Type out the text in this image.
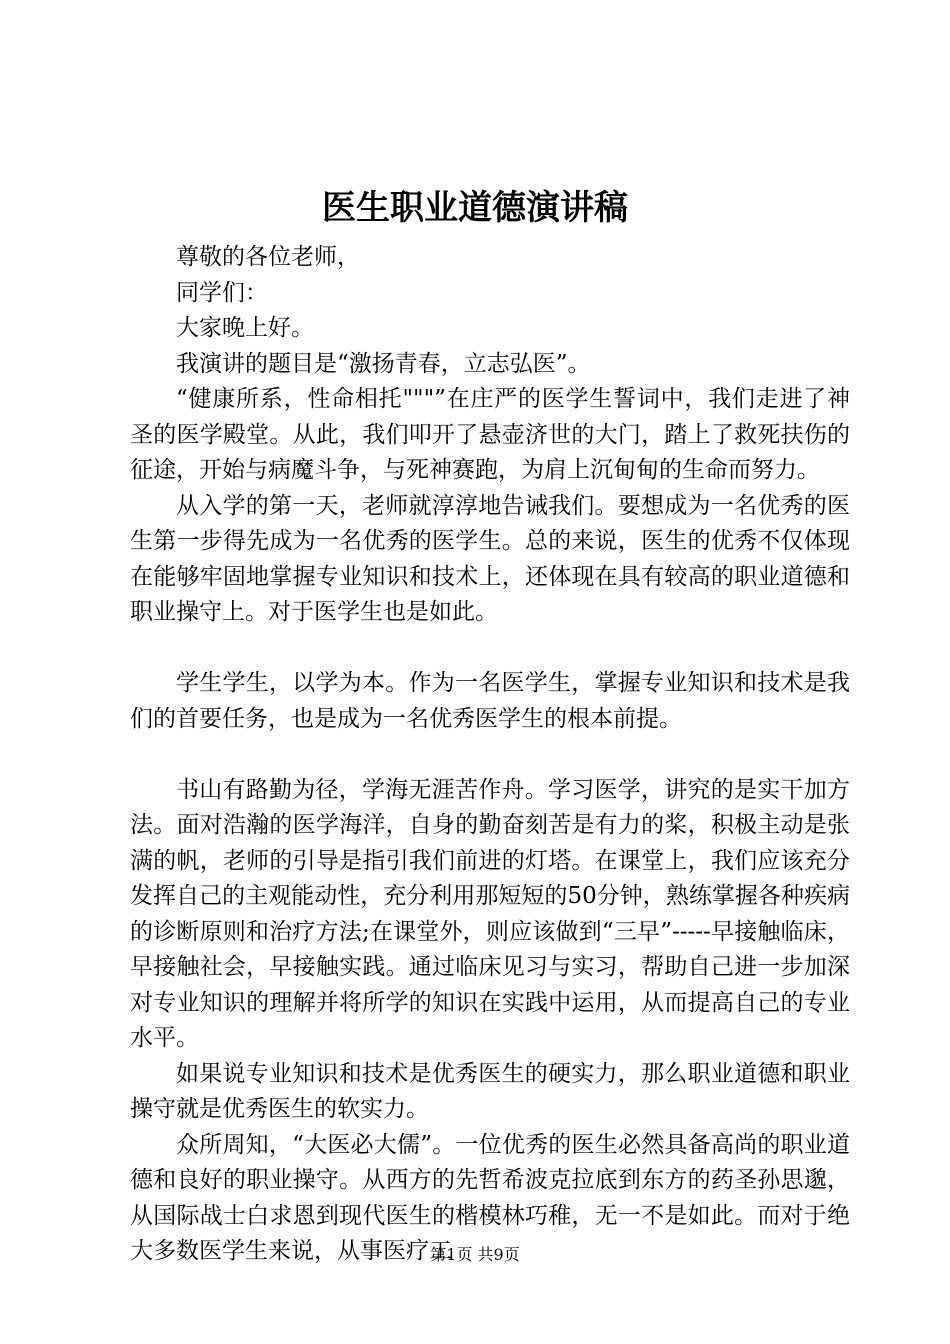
医生职业道德演讲稿

尊敬的各位老师，

同学们：

大家晚上好。

我演讲的题目是“激扬青春，立志弘医”。

“健康所系，性命相托"""”在庄严的医学生誓词中，我们走进了神圣的医学殿堂。从此，我们叩开了悬壶济世的大门，踏上了救死扶伤的征途，开始与病魔斗争，与死神赛跑，为肩上沉甸甸的生命而努力。

从入学的第一天，老师就淳淳地告诫我们。要想成为一名优秀的医生第一步得先成为一名优秀的医学生。总的来说，医生的优秀不仅体现在能够牢固地掌握专业知识和技术上，还体现在具有较高的职业道德和职业操守上。对于医学生也是如此。

学生学生，以学为本。作为一名医学生，掌握专业知识和技术是我们的首要任务，也是成为一名优秀医学生的根本前提。

书山有路勤为径，学海无涯苦作舟。学习医学，讲究的是实干加方法。面对浩瀚的医学海洋，自身的勤奋刻苦是有力的桨，积极主动是张满的帆，老师的引导是指引我们前进的灯塔。在课堂上，我们应该充分发挥自己的主观能动性，充分利用那短短的50分钟，熟练掌握各种疾病的诊断原则和治疗方法;在课堂外，则应该做到“三早”-----早接触临床，早接触社会，早接触实践。通过临床见习与实习，帮助自己进一步加深对专业知识的理解并将所学的知识在实践中运用，从而提高自己的专业水平。

如果说专业知识和技术是优秀医生的硬实力，那么职业道德和职业操守就是优秀医生的软实力。

众所周知，“大医必大儒”。一位优秀的医生必然具备高尚的职业道德和良好的职业操守。从西方的先哲希波克拉底到东方的药圣孙思邈，从国际战士白求恩到现代医生的楷模林巧稚，无一不是如此。而对于绝大多数医学生来说，从事医疗工

第1页 共9页
